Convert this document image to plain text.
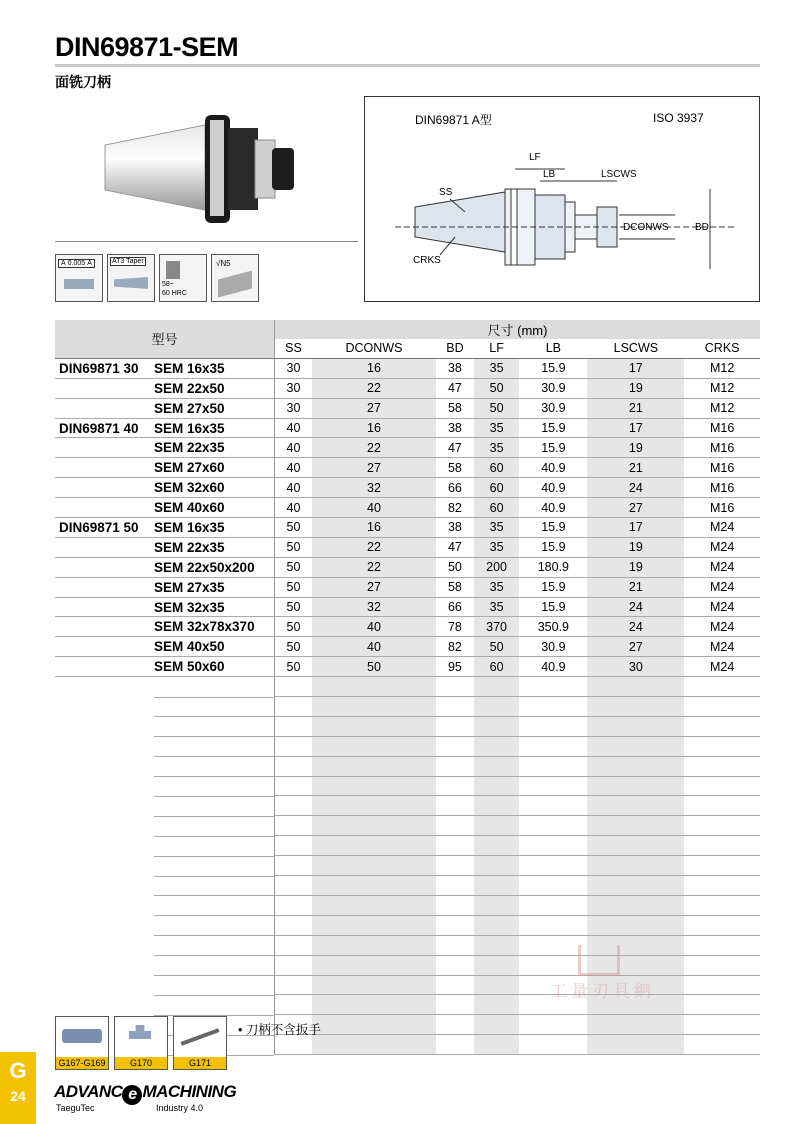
DIN69871-SEM
面铣刀柄
A 0.005 A	AT3 Taper
58~
60 HRC
√N5
DIN69871 A型	ISO 3937
LF
LB	LSCWS
SS
DCONWS	BD
CRKS
型号	尺寸 (mm)						
	SS	DCONWS	BD	LF	LB	LSCWS	CRKS

DIN69871 30 SEM 16x35	30	16	38	35	15.9	17	M12

SEM 22x50	30	22	47	50	30.9	19	M12

SEM 27x50	30	27	58	50	30.9	21	M12

DIN69871 40 SEM 16x35	40	16	38	35	15.9	17	M16

SEM 22x35	40	22	47	35	15.9	19	M16

SEM 27x60	40	27	58	60	40.9	21	M16

SEM 32x60	40	32	66	60	40.9	24	M16

SEM 40x60	40	40	82	60	40.9	27	M16

DIN69871 50 SEM 16x35	50	16	38	35	15.9	17	M24

SEM 22x35	50	22	47	35	15.9	19	M24

SEM 22x50x200	50	22	50	200	180.9	19	M24

SEM 27x35	50	27	58	35	15.9	21	M24

SEM 32x35	50	32	66	35	15.9	24	M24

SEM 32x78x370	50	40	78	370	350.9	24	M24

SEM 40x50	50	40	82	50	30.9	27	M24

SEM 50x60	50	50	95	60	40.9	30	M24

工量刃具網
G167-G169	G170	G171
• 刀柄不含扳手
G
24	ADVANC e MACHINING
TaeguTec	Industry 4.0
